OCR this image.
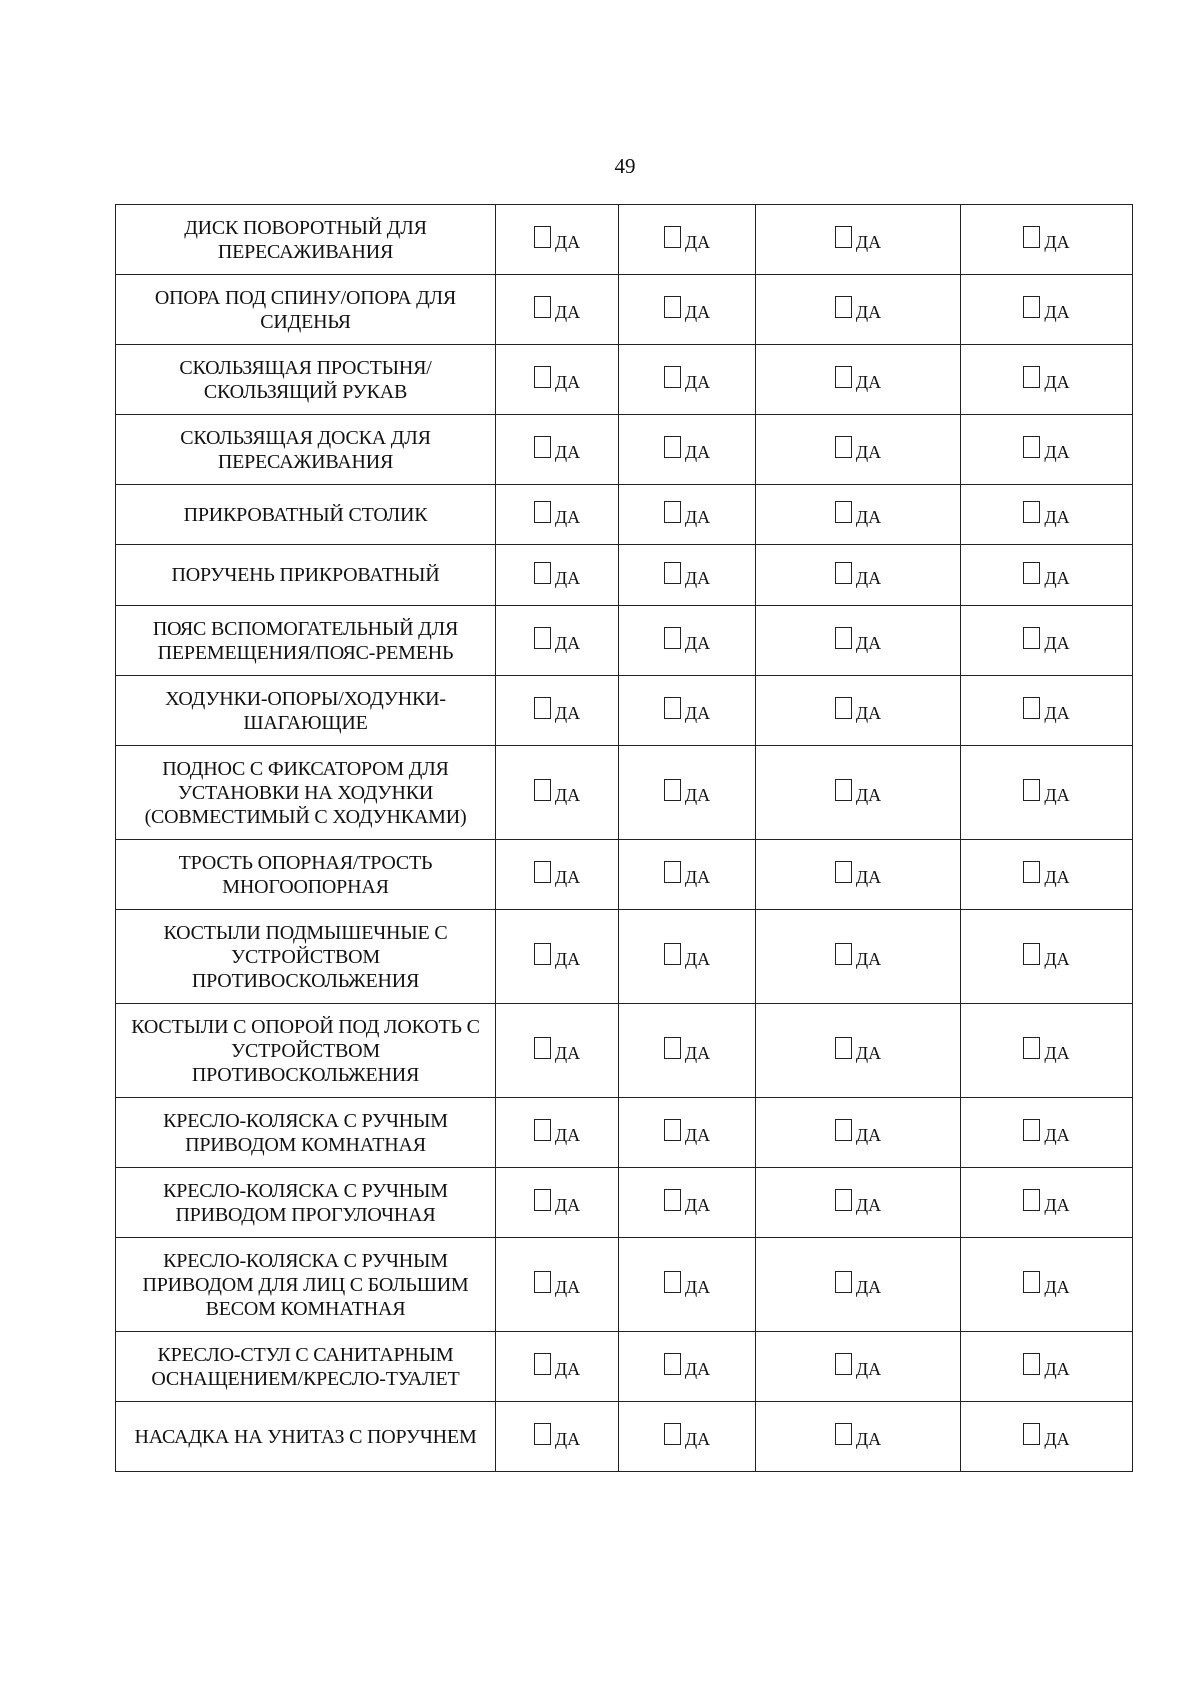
49
ДИСК ПОВОРОТНЫЙ ДЛЯ ПЕРЕСАЖИВАНИЯ	ДА	ДА	ДА	ДА

ОПОРА ПОД СПИНУ/ОПОРА ДЛЯ СИДЕНЬЯ	ДА	ДА	ДА	ДА

СКОЛЬЗЯЩАЯ ПРОСТЫНЯ/СКОЛЬЗЯЩИЙ РУКАВ	ДА	ДА	ДА	ДА

СКОЛЬЗЯЩАЯ ДОСКА ДЛЯ ПЕРЕСАЖИВАНИЯ	ДА	ДА	ДА	ДА

ПРИКРОВАТНЫЙ СТОЛИК	ДА	ДА	ДА	ДА

ПОРУЧЕНЬ ПРИКРОВАТНЫЙ	ДА	ДА	ДА	ДА

ПОЯС ВСПОМОГАТЕЛЬНЫЙ ДЛЯ ПЕРЕМЕЩЕНИЯ/ПОЯС-РЕМЕНЬ	ДА	ДА	ДА	ДА

ХОДУНКИ-ОПОРЫ/ХОДУНКИ-ШАГАЮЩИЕ	ДА	ДА	ДА	ДА

ПОДНОС С ФИКСАТОРОМ ДЛЯ УСТАНОВКИ НА ХОДУНКИ (СОВМЕСТИМЫЙ С ХОДУНКАМИ)	ДА	ДА	ДА	ДА

ТРОСТЬ ОПОРНАЯ/ТРОСТЬ МНОГООПОРНАЯ	ДА	ДА	ДА	ДА

КОСТЫЛИ ПОДМЫШЕЧНЫЕ С УСТРОЙСТВОМ ПРОТИВОСКОЛЬЖЕНИЯ	ДА	ДА	ДА	ДА

КОСТЫЛИ С ОПОРОЙ ПОД ЛОКОТЬ С УСТРОЙСТВОМ ПРОТИВОСКОЛЬЖЕНИЯ	ДА	ДА	ДА	ДА

КРЕСЛО-КОЛЯСКА С РУЧНЫМ ПРИВОДОМ КОМНАТНАЯ	ДА	ДА	ДА	ДА

КРЕСЛО-КОЛЯСКА С РУЧНЫМ ПРИВОДОМ ПРОГУЛОЧНАЯ	ДА	ДА	ДА	ДА

КРЕСЛО-КОЛЯСКА С РУЧНЫМ ПРИВОДОМ ДЛЯ ЛИЦ С БОЛЬШИМ ВЕСОМ КОМНАТНАЯ	ДА	ДА	ДА	ДА

КРЕСЛО-СТУЛ С САНИТАРНЫМ ОСНАЩЕНИЕМ/КРЕСЛО-ТУАЛЕТ	ДА	ДА	ДА	ДА

НАСАДКА НА УНИТАЗ С ПОРУЧНЕМ	ДА	ДА	ДА	ДА
